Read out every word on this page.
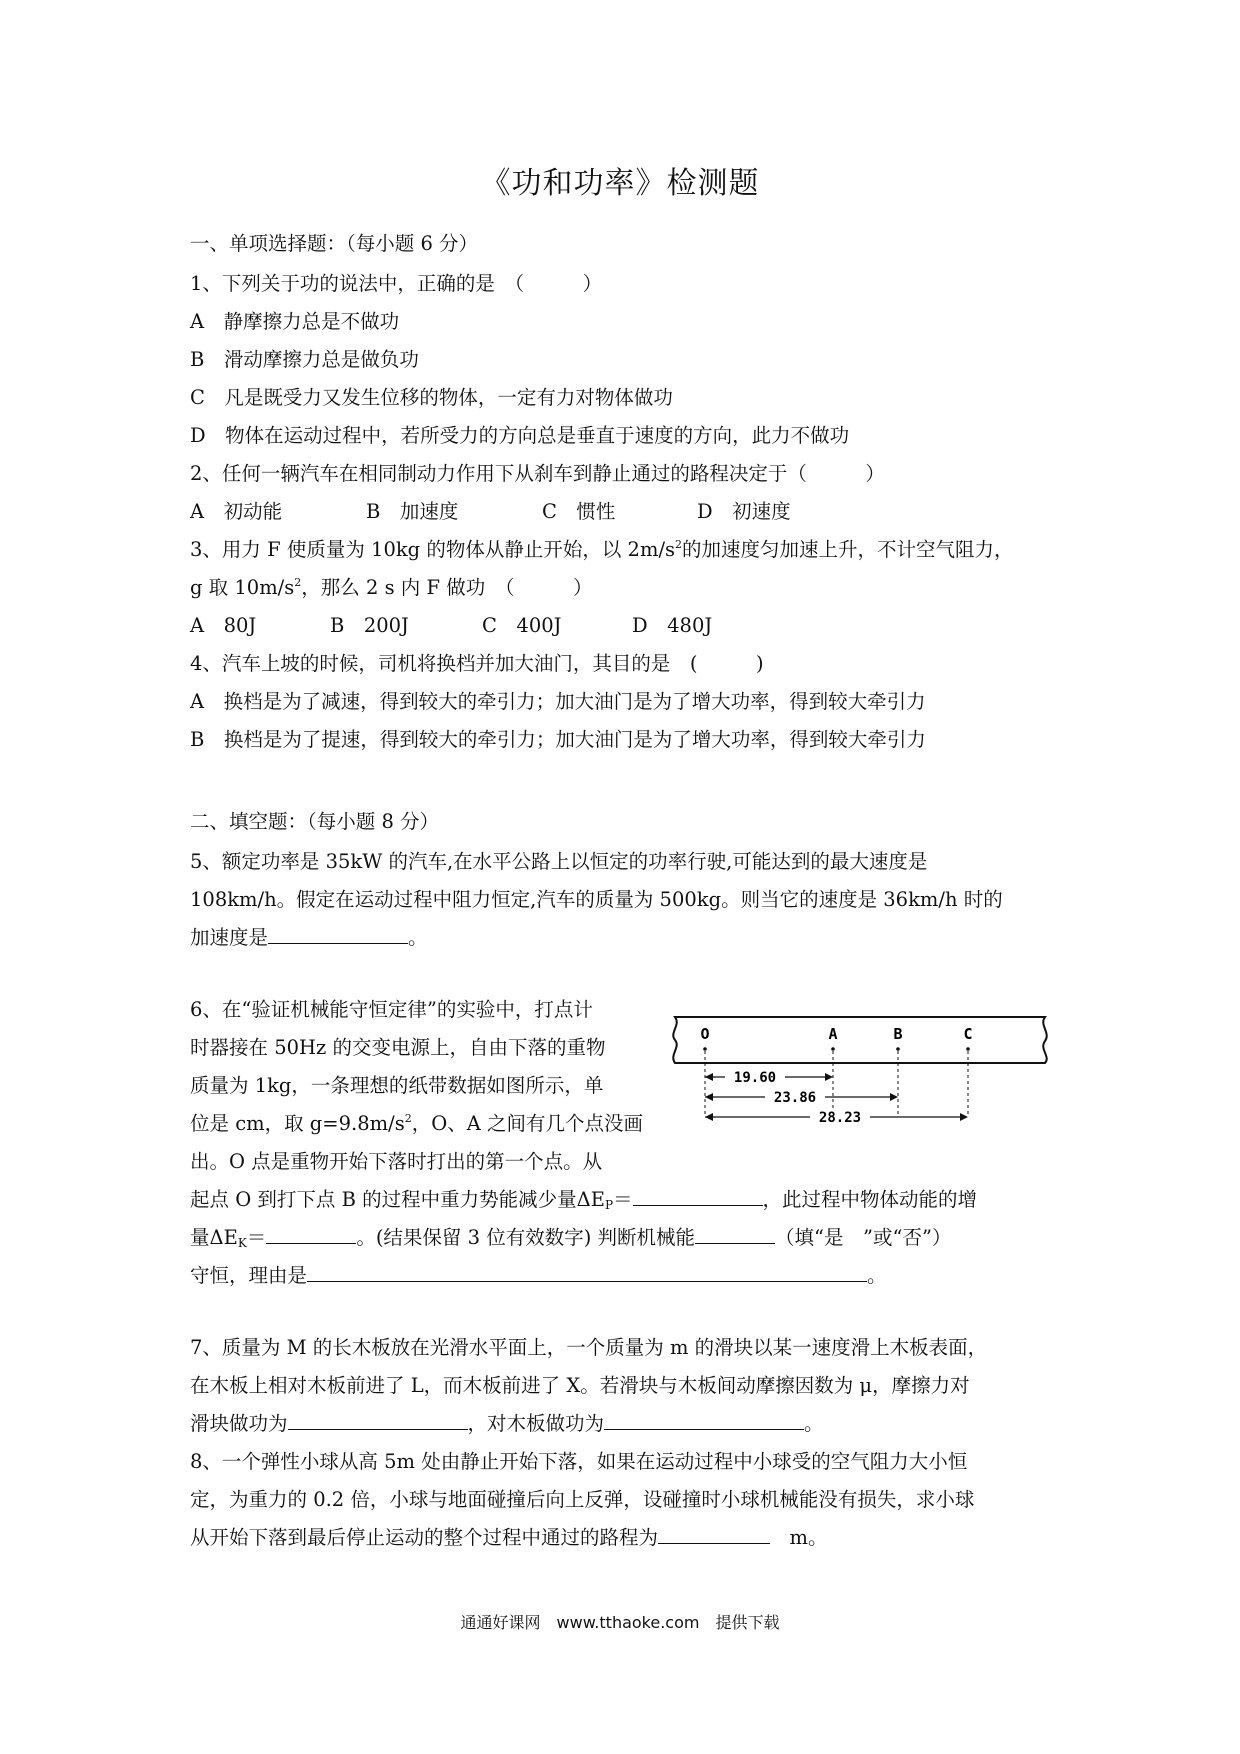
《功和功率》检测题
一、单项选择题：（每小题 6 分）
1、下列关于功的说法中，正确的是　（　　　）
A　静摩擦力总是不做功
B　滑动摩擦力总是做负功
C　凡是既受力又发生位移的物体，一定有力对物体做功
D　物体在运动过程中，若所受力的方向总是垂直于速度的方向，此力不做功
2、任何一辆汽车在相同制动力作用下从刹车到静止通过的路程决定于（　　　）
A　初动能	B　加速度	C　惯性	D　初速度
3、用力 F 使质量为 10kg 的物体从静止开始，以 $2m/s^2$的加速度匀加速上升，不计空气阻力，
g 取 $10m/s^2$，那么 2 s 内 F 做功　（　　　）
A　80J	B　200J	C　400J	D　480J
4、汽车上坡的时候，司机将换档并加大油门，其目的是　(　　　)
A　换档是为了减速，得到较大的牵引力；加大油门是为了增大功率，得到较大牵引力
B　换档是为了提速，得到较大的牵引力；加大油门是为了增大功率，得到较大牵引力
二、填空题：（每小题 8 分）
5、额定功率是 35kW 的汽车,在水平公路上以恒定的功率行驶,可能达到的最大速度是
108km/h。假定在运动过程中阻力恒定,汽车的质量为 500kg。则当它的速度是 36km/h 时的
加速度是	。
6、在“验证机械能守恒定律”的实验中，打点计
时器接在 50Hz 的交变电源上，自由下落的重物
质量为 1kg，一条理想的纸带数据如图所示，单
位是 cm，取 $g=9.8m/s^2$，O、A 之间有几个点没画
出。O 点是重物开始下落时打出的第一个点。从
起点 O 到打下点 B 的过程中重力势能减少量$\Delta E_P=$	，此过程中物体动能的增
量$\Delta E_K=$	。(结果保留 3 位有效数字) 判断机械能	（填“是　”或“否”）
守恒，理由是	。
O	A	B	C
19.60
23.86
28.23
7、质量为 M 的长木板放在光滑水平面上，一个质量为 m 的滑块以某一速度滑上木板表面，
在木板上相对木板前进了 L，而木板前进了 X。若滑块与木板间动摩擦因数为 μ，摩擦力对
滑块做功为	，对木板做功为	。
8、一个弹性小球从高 5m 处由静止开始下落，如果在运动过程中小球受的空气阻力大小恒
定，为重力的 0.2 倍，小球与地面碰撞后向上反弹，设碰撞时小球机械能没有损失，求小球
从开始下落到最后停止运动的整个过程中通过的路程为	　m。
通通好课网　www.tthaoke.com　提供下载
